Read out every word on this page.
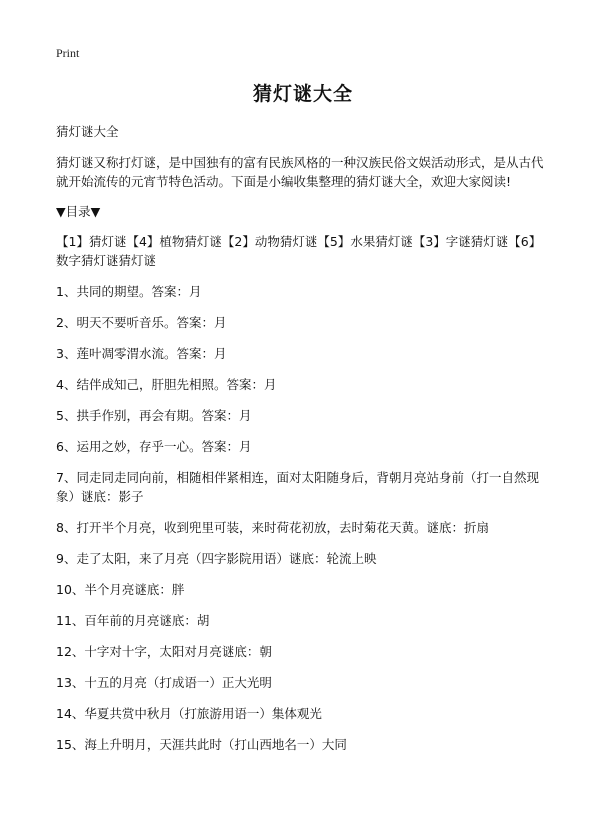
Print
猜灯谜大全
猜灯谜大全
猜灯谜又称打灯谜，是中国独有的富有民族风格的一种汉族民俗文娱活动形式，是从古代就开始流传的元宵节特色活动。下面是小编收集整理的猜灯谜大全，欢迎大家阅读!
▼目录▼
【1】猜灯谜【4】植物猜灯谜【2】动物猜灯谜【5】水果猜灯谜【3】字谜猜灯谜【6】数字猜灯谜猜灯谜
1、共同的期望。答案：月
2、明天不要听音乐。答案：月
3、莲叶凋零渭水流。答案：月
4、结伴成知己，肝胆先相照。答案：月
5、拱手作别，再会有期。答案：月
6、运用之妙，存乎一心。答案：月
7、同走同走同向前，相随相伴紧相连，面对太阳随身后，背朝月亮站身前（打一自然现象）谜底：影子
8、打开半个月亮，收到兜里可装，来时荷花初放，去时菊花天黄。谜底：折扇
9、走了太阳，来了月亮（四字影院用语）谜底：轮流上映
10、半个月亮谜底：胖
11、百年前的月亮谜底：胡
12、十字对十字，太阳对月亮谜底：朝
13、十五的月亮（打成语一）正大光明
14、华夏共赏中秋月（打旅游用语一）集体观光
15、海上升明月，天涯共此时（打山西地名一）大同
